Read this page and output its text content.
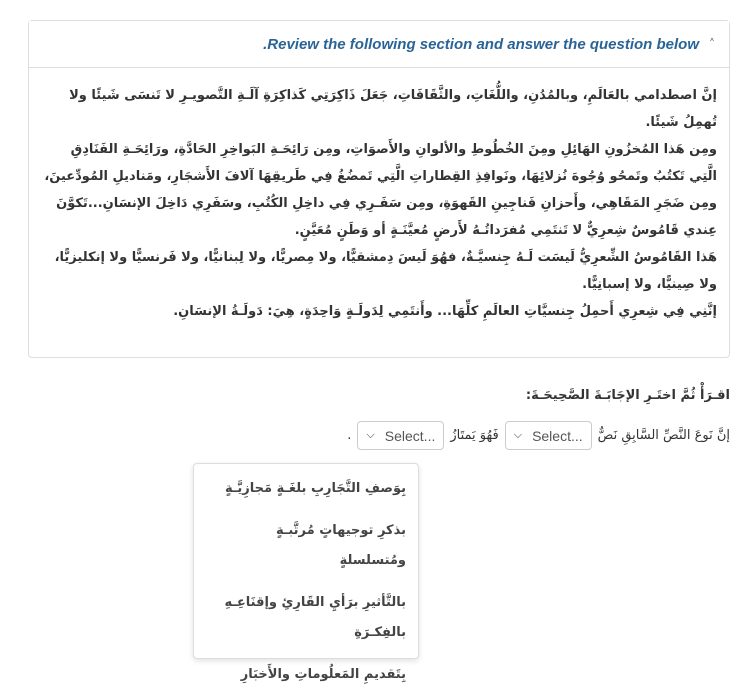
˄
Review the following section and answer the question below.

إنَّ اصطدامي بالعَالَمِ، وبالمُدُنِ، واللُّغَاتِ، والثَّقَافَاتِ، جَعَلَ ذَاكِرَتِي كَذاكِرَةِ آلَـةِ التَّصويـرِ لا تَنسَى شَيئًا ولا تُهمِلُ شَيئًا.

ومِن هَذا المُخزُونِ الهَائِلِ ومِنَ الخُطُوطِ والألوانِ والأَصوَاتِ، ومِن رَائِحَـةِ البَواخِرِ الحَادَّةِ، ورَائِحَـةِ الفَنَادِقِ الَّتِي تَكتُبُ وتَمحُو وُجُوهَ نُزلائِهَا، ونَوافِذِ القِطاراتِ الَّتِي تَمضُغُ فِي طَريقِهَا آلافَ الأَشجَارِ، ومَناديلِ المُودِّعينَ، ومِن ضَجَرِ المَقَاهِي، وأَحزانِ فَناجِينِ القَهوَةِ، ومِن سَفَـرِي فِي داخِلِ الكُتُبِ، وسَفَرِي دَاخِلَ الإنسَانِ...تَكوَّنَ عِندي قَامُوسٌ شِعرِيٌّ لا تَنتَمِي مُفرَداتُـهُ لأَرضٍ مُعيَّنَـةٍ أو وَطَنٍ مُعَيَّنٍ.

هَذا القَامُوسُ الشِّعرِيُّ لَيسَت لَـهُ جِنسيَّـةٌ، فهُوَ لَيسَ دِمشقيًّا، ولا مِصريًّا، ولا لِبنانيًّا، ولا فَرنسيًّا ولا إنكليزيًّا، ولا صِينيًّا، ولا إسبانِيًّا.

إنَّنِي فِي شِعرِي أَحمِلُ جِنسيَّاتِ العالَمِ كلِّهَا... وأَنتَمِي لِدَولَـةٍ وَاحِدَةٍ، هِيَ: دَولَـةُ الإنسَانِ.

اقـرَأْ ثُمَّ اختَـرِ الإجَابَـةَ الصَّحِيحَـةَ:
إنَّ نَوعَ النَّصِّ السَّابِقِ نَصٌّ
Select...
⌵
فَهُوَ يَمتَازُ
Select...
⌵
.
بِوَصفِ التَّجَارِبِ بلغَـةٍ مَجازِيَّـةٍ
بذكرِ توجيهاتٍ مُرتَّبـةٍ ومُتسلسلةٍ
بالتَّأثيرِ برَأيِ القَارِئِ وإقنَاعِـهِ بالفِكـرَةِ
بِتَقديمِ المَعلُوماتِ والأَخبَارِ
